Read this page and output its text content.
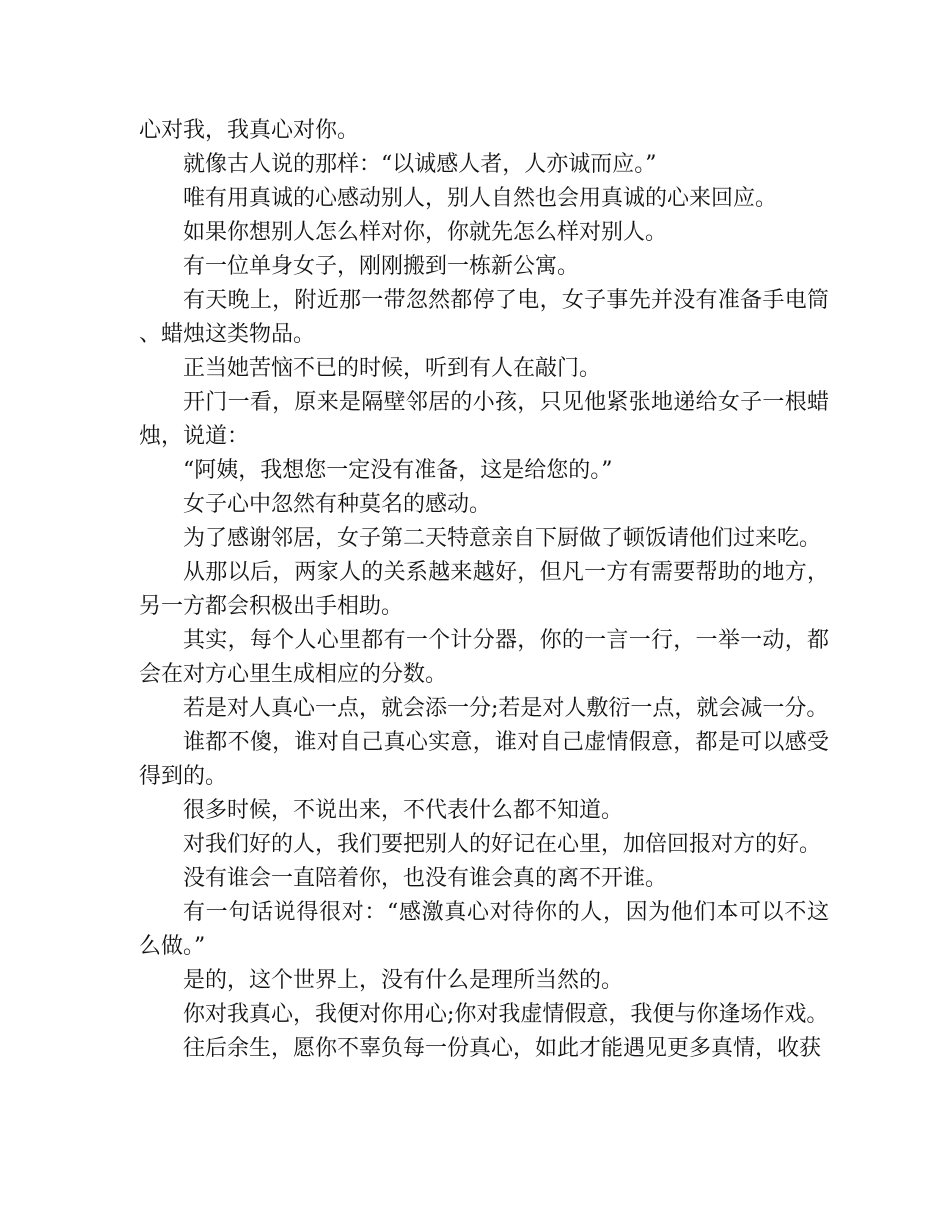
心对我，我真心对你。

就像古人说的那样：“以诚感人者，人亦诚而应。”

唯有用真诚的心感动别人，别人自然也会用真诚的心来回应。

如果你想别人怎么样对你，你就先怎么样对别人。

有一位单身女子，刚刚搬到一栋新公寓。

有天晚上，附近那一带忽然都停了电，女子事先并没有准备手电筒、蜡烛这类物品。

正当她苦恼不已的时候，听到有人在敲门。

开门一看，原来是隔壁邻居的小孩，只见他紧张地递给女子一根蜡烛，说道：

“阿姨，我想您一定没有准备，这是给您的。”

女子心中忽然有种莫名的感动。

为了感谢邻居，女子第二天特意亲自下厨做了顿饭请他们过来吃。

从那以后，两家人的关系越来越好，但凡一方有需要帮助的地方，另一方都会积极出手相助。

其实，每个人心里都有一个计分器，你的一言一行，一举一动，都会在对方心里生成相应的分数。

若是对人真心一点，就会添一分;若是对人敷衍一点，就会减一分。

谁都不傻，谁对自己真心实意，谁对自己虚情假意，都是可以感受得到的。

很多时候，不说出来，不代表什么都不知道。

对我们好的人，我们要把别人的好记在心里，加倍回报对方的好。

没有谁会一直陪着你，也没有谁会真的离不开谁。

有一句话说得很对：“感激真心对待你的人，因为他们本可以不这么做。”

是的，这个世界上，没有什么是理所当然的。

你对我真心，我便对你用心;你对我虚情假意，我便与你逢场作戏。

往后余生，愿你不辜负每一份真心，如此才能遇见更多真情，收获
